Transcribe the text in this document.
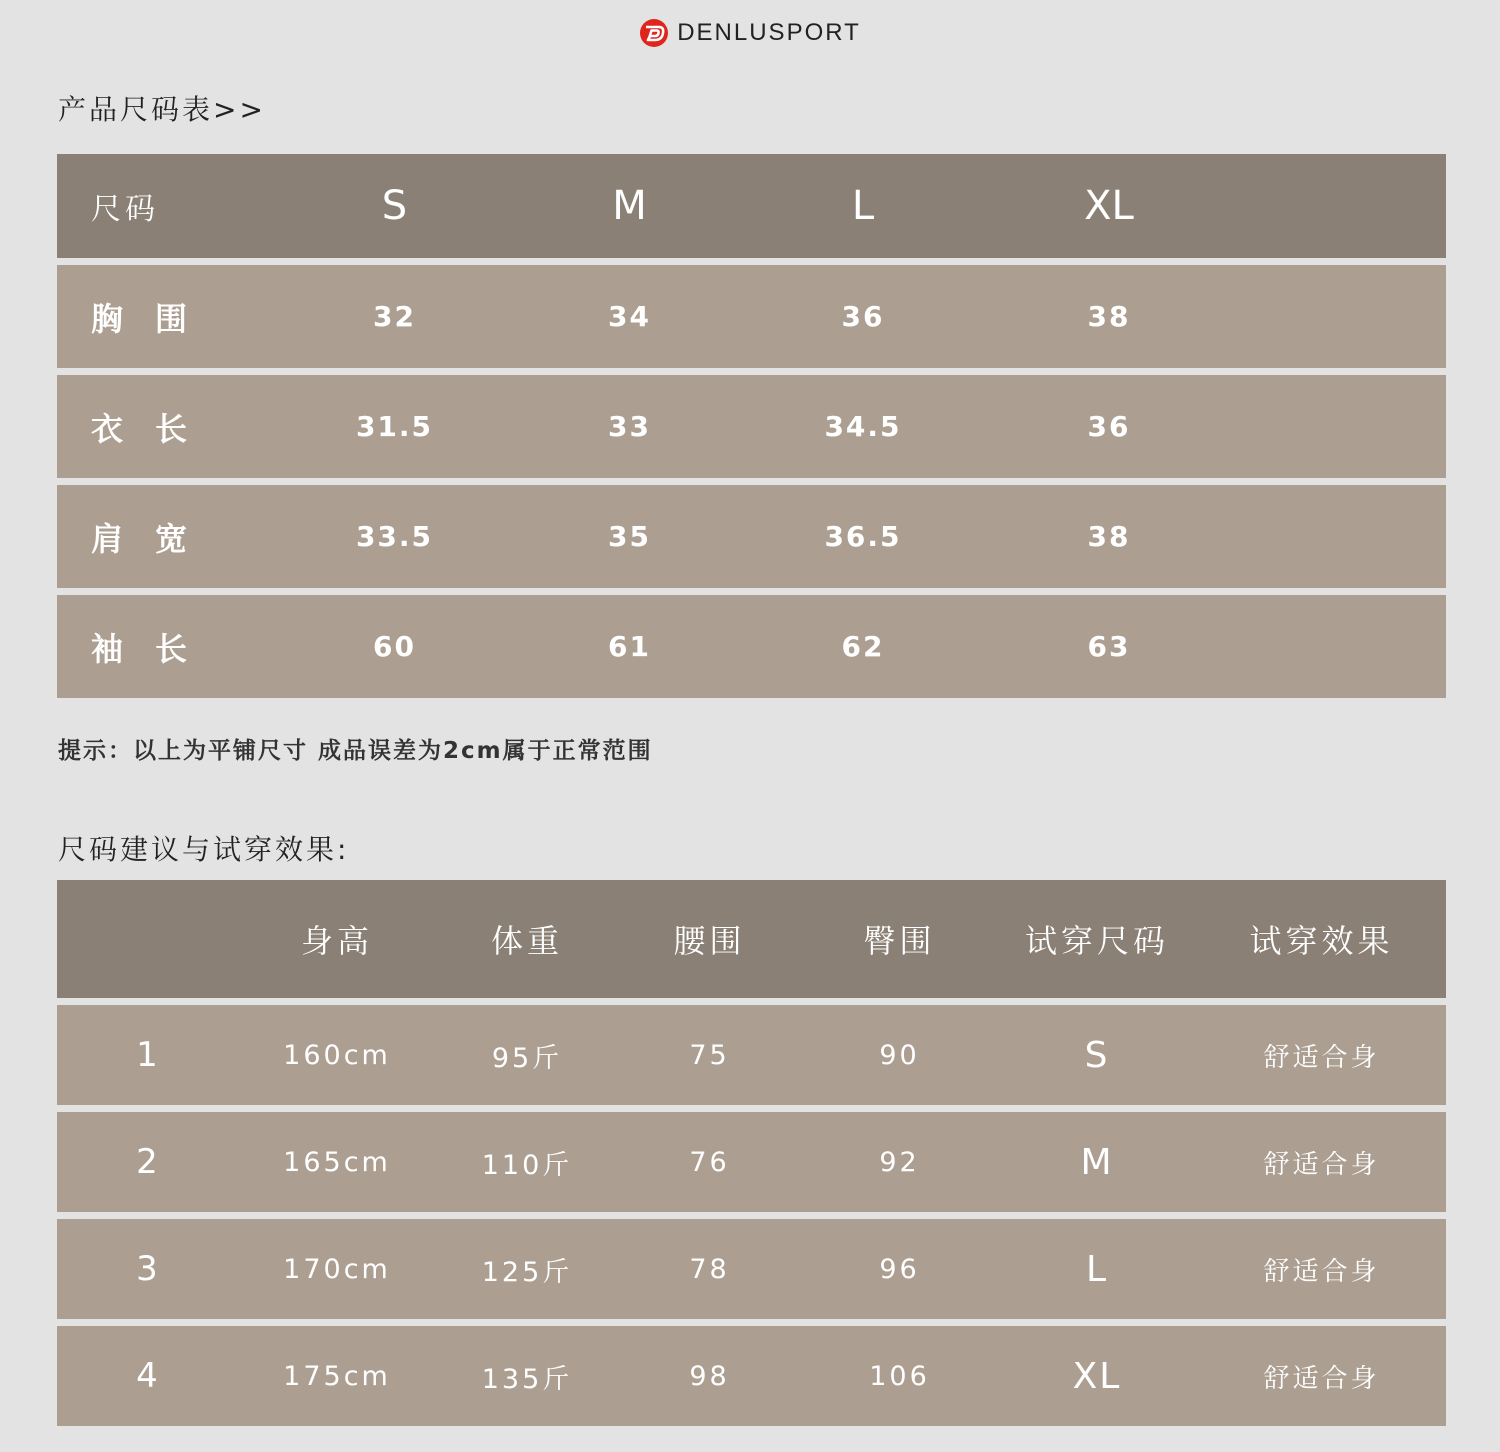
DENLUSPORT
产品尺码表>>
尺码	S	M	L	XL	

胸　围	32	34	36	38	

衣　长	31.5	33	34.5	36	

肩　宽	33.5	35	36.5	38	

袖　长	60	61	62	63	
提示：以上为平铺尺寸 成品误差为2cm属于正常范围
尺码建议与试穿效果:
	身高	体重	腰围	臀围	试穿尺码	试穿效果

1	160cm	95斤	75	90	S	舒适合身

2	165cm	110斤	76	92	M	舒适合身

3	170cm	125斤	78	96	L	舒适合身

4	175cm	135斤	98	106	XL	舒适合身
